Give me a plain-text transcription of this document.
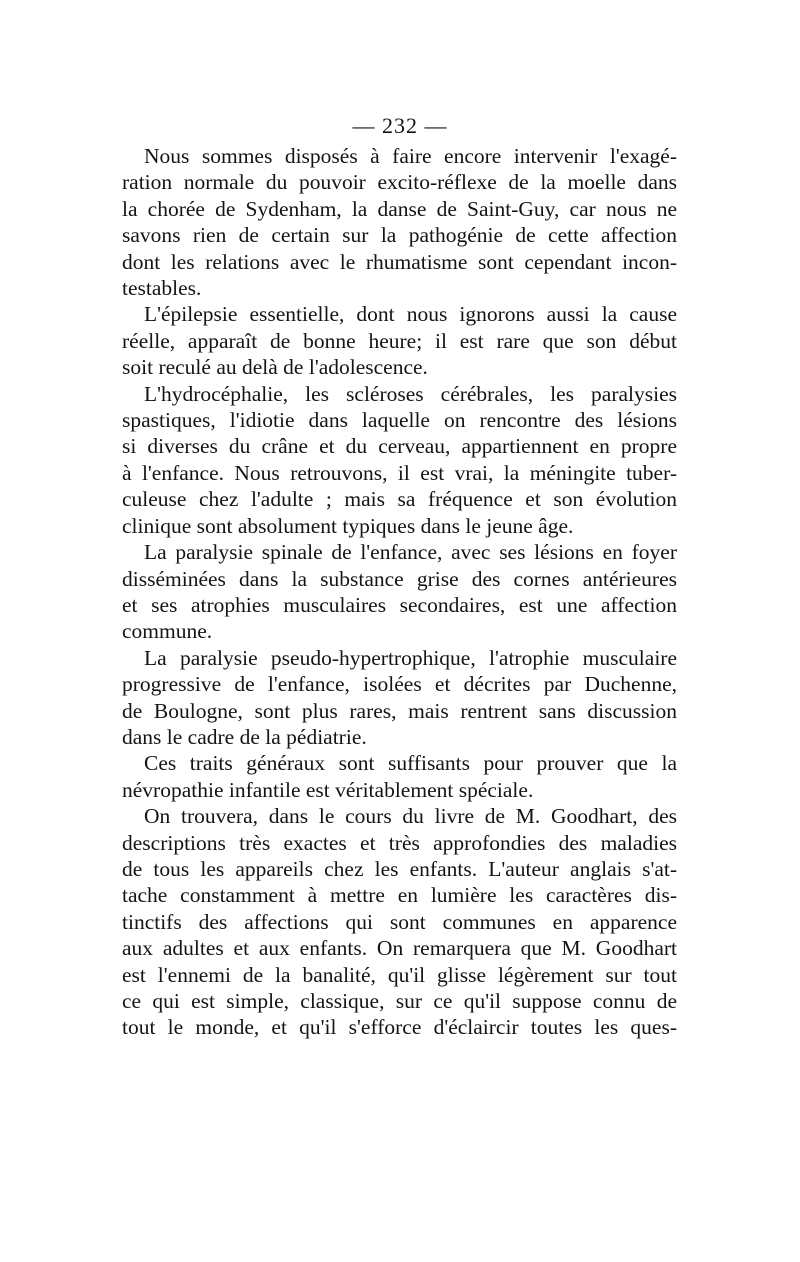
— 232 —

Nous sommes disposés à faire encore intervenir l'exagé-
ration normale du pouvoir excito-réflexe de la moelle dans
la chorée de Sydenham, la danse de Saint-Guy, car nous ne
savons rien de certain sur la pathogénie de cette affection
dont les relations avec le rhumatisme sont cependant incon-
testables.

L'épilepsie essentielle, dont nous ignorons aussi la cause
réelle, apparaît de bonne heure; il est rare que son début
soit reculé au delà de l'adolescence.

L'hydrocéphalie, les scléroses cérébrales, les paralysies
spastiques, l'idiotie dans laquelle on rencontre des lésions
si diverses du crâne et du cerveau, appartiennent en propre
à l'enfance. Nous retrouvons, il est vrai, la méningite tuber-
culeuse chez l'adulte ; mais sa fréquence et son évolution
clinique sont absolument typiques dans le jeune âge.

La paralysie spinale de l'enfance, avec ses lésions en foyer
disséminées dans la substance grise des cornes antérieures
et ses atrophies musculaires secondaires, est une affection
commune.

La paralysie pseudo-hypertrophique, l'atrophie musculaire
progressive de l'enfance, isolées et décrites par Duchenne,
de Boulogne, sont plus rares, mais rentrent sans discussion
dans le cadre de la pédiatrie.

Ces traits généraux sont suffisants pour prouver que la
névropathie infantile est véritablement spéciale.

On trouvera, dans le cours du livre de M. Goodhart, des
descriptions très exactes et très approfondies des maladies
de tous les appareils chez les enfants. L'auteur anglais s'at-
tache constamment à mettre en lumière les caractères dis-
tinctifs des affections qui sont communes en apparence
aux adultes et aux enfants. On remarquera que M. Goodhart
est l'ennemi de la banalité, qu'il glisse légèrement sur tout
ce qui est simple, classique, sur ce qu'il suppose connu de
tout le monde, et qu'il s'efforce d'éclaircir toutes les ques-
